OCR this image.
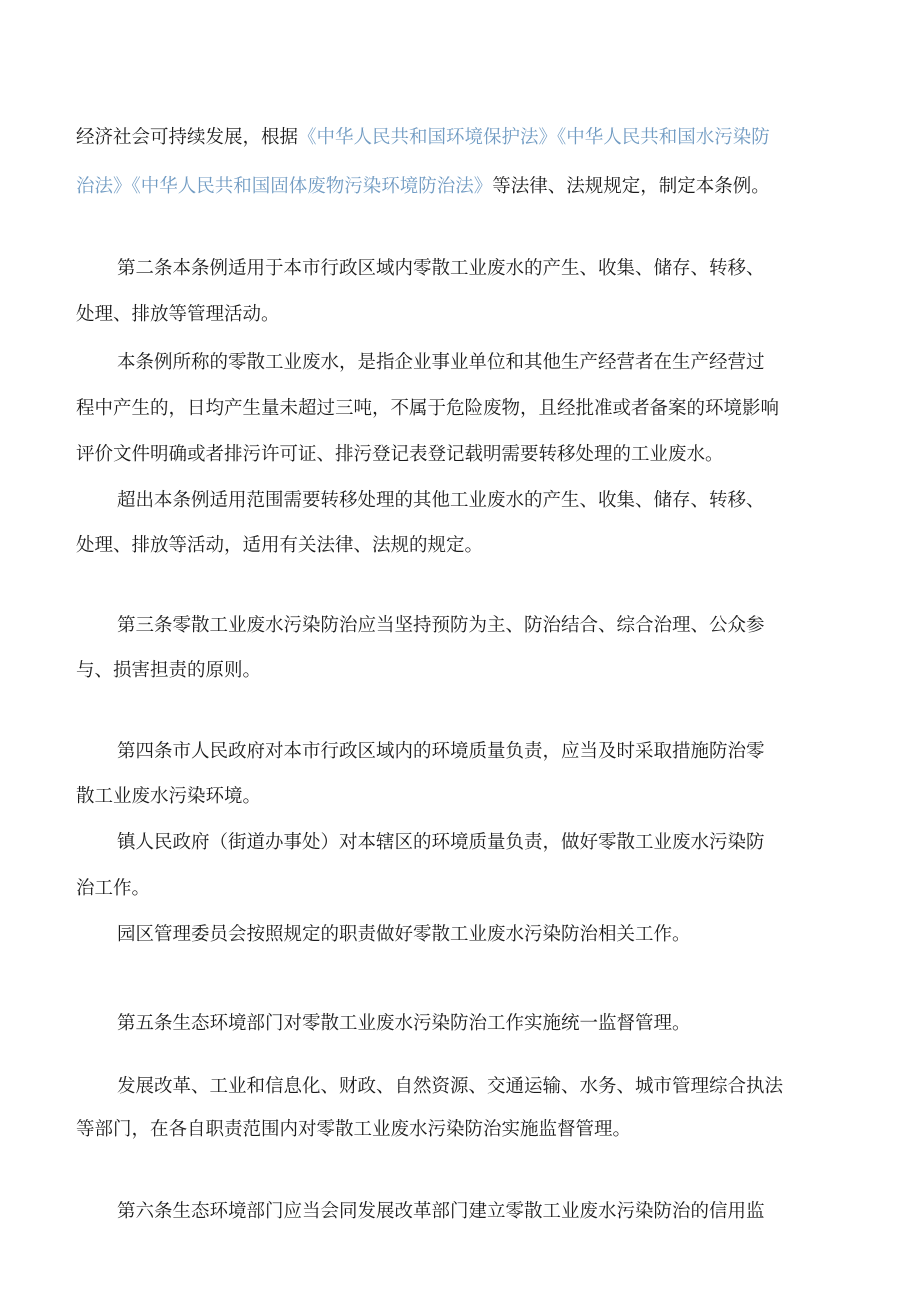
经济社会可持续发展，根据《中华人民共和国环境保护法》《中华人民共和国水污染防
治法》《中华人民共和国固体废物污染环境防治法》等法律、法规规定，制定本条例。
第二条本条例适用于本市行政区域内零散工业废水的产生、收集、储存、转移、
处理、排放等管理活动。
本条例所称的零散工业废水，是指企业事业单位和其他生产经营者在生产经营过
程中产生的，日均产生量未超过三吨，不属于危险废物，且经批准或者备案的环境影响
评价文件明确或者排污许可证、排污登记表登记载明需要转移处理的工业废水。
超出本条例适用范围需要转移处理的其他工业废水的产生、收集、储存、转移、
处理、排放等活动，适用有关法律、法规的规定。
第三条零散工业废水污染防治应当坚持预防为主、防治结合、综合治理、公众参
与、损害担责的原则。
第四条市人民政府对本市行政区域内的环境质量负责，应当及时采取措施防治零
散工业废水污染环境。
镇人民政府（街道办事处）对本辖区的环境质量负责，做好零散工业废水污染防
治工作。
园区管理委员会按照规定的职责做好零散工业废水污染防治相关工作。
第五条生态环境部门对零散工业废水污染防治工作实施统一监督管理。
发展改革、工业和信息化、财政、自然资源、交通运输、水务、城市管理综合执法
等部门，在各自职责范围内对零散工业废水污染防治实施监督管理。
第六条生态环境部门应当会同发展改革部门建立零散工业废水污染防治的信用监
